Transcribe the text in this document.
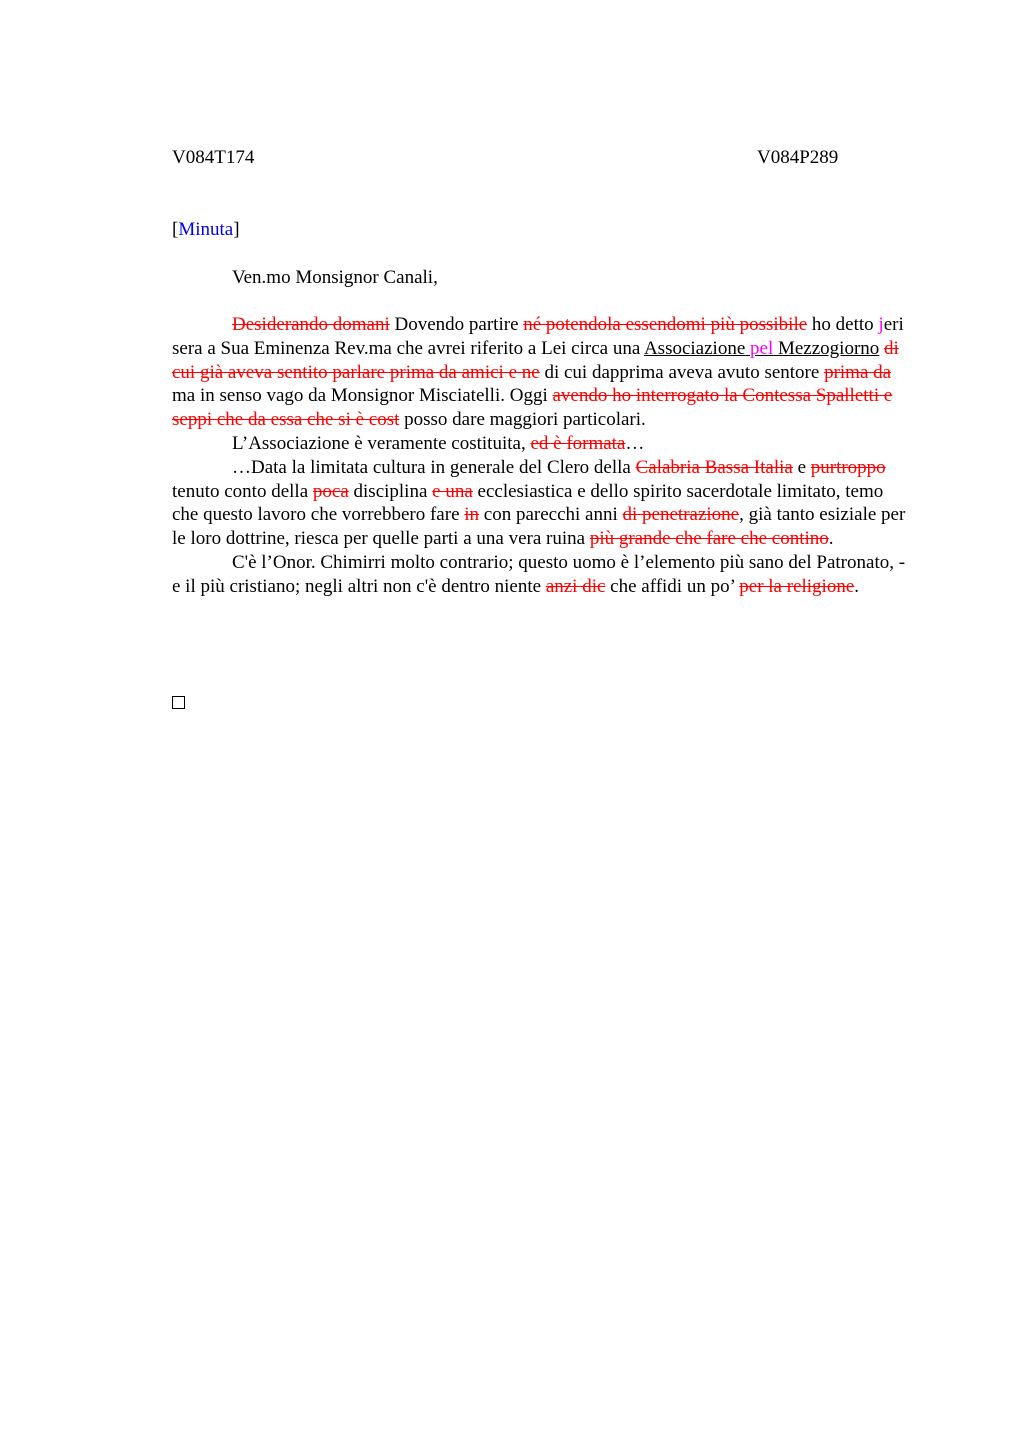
V084T174	V084P289
[Minuta]
Ven.mo Monsignor Canali,

Desiderando domani Dovendo partire né potendola essendomi più possibile ho detto jeri sera a Sua Eminenza Rev.ma che avrei riferito a Lei circa una Associazione pel Mezzogiorno di cui già aveva sentito parlare prima da amici e ne di cui dapprima aveva avuto sentore prima da ma in senso vago da Monsignor Misciatelli. Oggi avendo ho interrogato la Contessa Spalletti e seppi che da essa che si è cost posso dare maggiori particolari.

L’Associazione è veramente costituita, ed è formata…

…Data la limitata cultura in generale del Clero della Calabria Bassa Italia e purtroppo tenuto conto della poca disciplina e una ecclesiastica e dello spirito sacerdotale limitato, temo che questo lavoro che vorrebbero fare in con parecchi anni di penetrazione, già tanto esiziale per le loro dottrine, riesca per quelle parti a una vera ruina più grande che fare che contino.

C'è l’Onor. Chimirri molto contrario; questo uomo è l’elemento più sano del Patronato, - e il più cristiano; negli altri non c'è dentro niente anzi dic che affidi un po’ per la religione.
